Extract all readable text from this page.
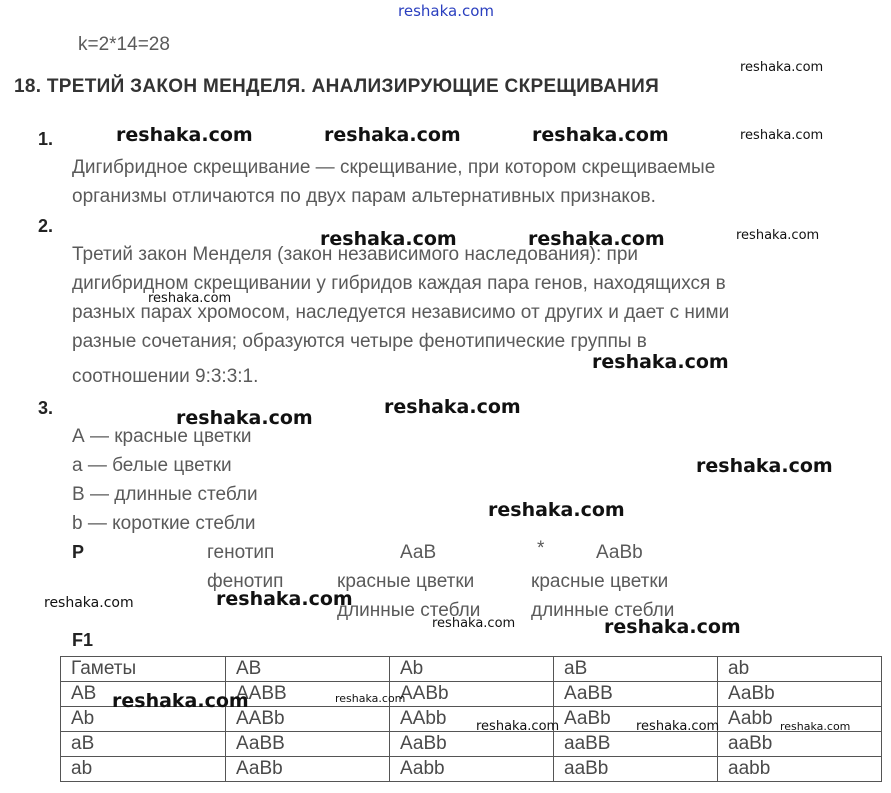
reshaka.com
reshaka.com
reshaka.com	reshaka.com	reshaka.com	reshaka.com
reshaka.com	reshaka.com	reshaka.com
reshaka.com
reshaka.com
reshaka.com	reshaka.com
reshaka.com
reshaka.com
reshaka.com	reshaka.com
reshaka.com	reshaka.com
k=2*14=28
18. ТРЕТИЙ ЗАКОН МЕНДЕЛЯ. АНАЛИЗИРУЮЩИЕ СКРЕЩИВАНИЯ
1.
Дигибридное скрещивание — скрещивание, при котором скрещиваемые
организмы отличаются по двух парам альтернативных признаков.
2.
Третий закон Менделя (закон независимого наследования): при
дигибридном скрещивании у гибридов каждая пара генов, находящихся в
разных парах хромосом, наследуется независимо от других и дает с ними
разные сочетания; образуются четыре фенотипические группы в
соотношении 9:3:3:1.
3.
А — красные цветки
а — белые цветки
В — длинные стебли
b — короткие стебли
P	генотип	АаВ	*	АаВb
фенотип	красные цветки	красные цветки
длинные стебли	длинные стебли
F1
Гаметы	АВ	Аb	аВ	ab
АВ	ААВВ	ААВb	АаВВ	АаВb
Аb	ААВb	ААbb	АаВb	Ааbb
аВ	АаВВ	АаВb	ааВВ	ааВb
ab	АаВb	Ааbb	ааВb	ааbb
reshaka.com	reshaka.com
reshaka.com	reshaka.com	reshaka.com
